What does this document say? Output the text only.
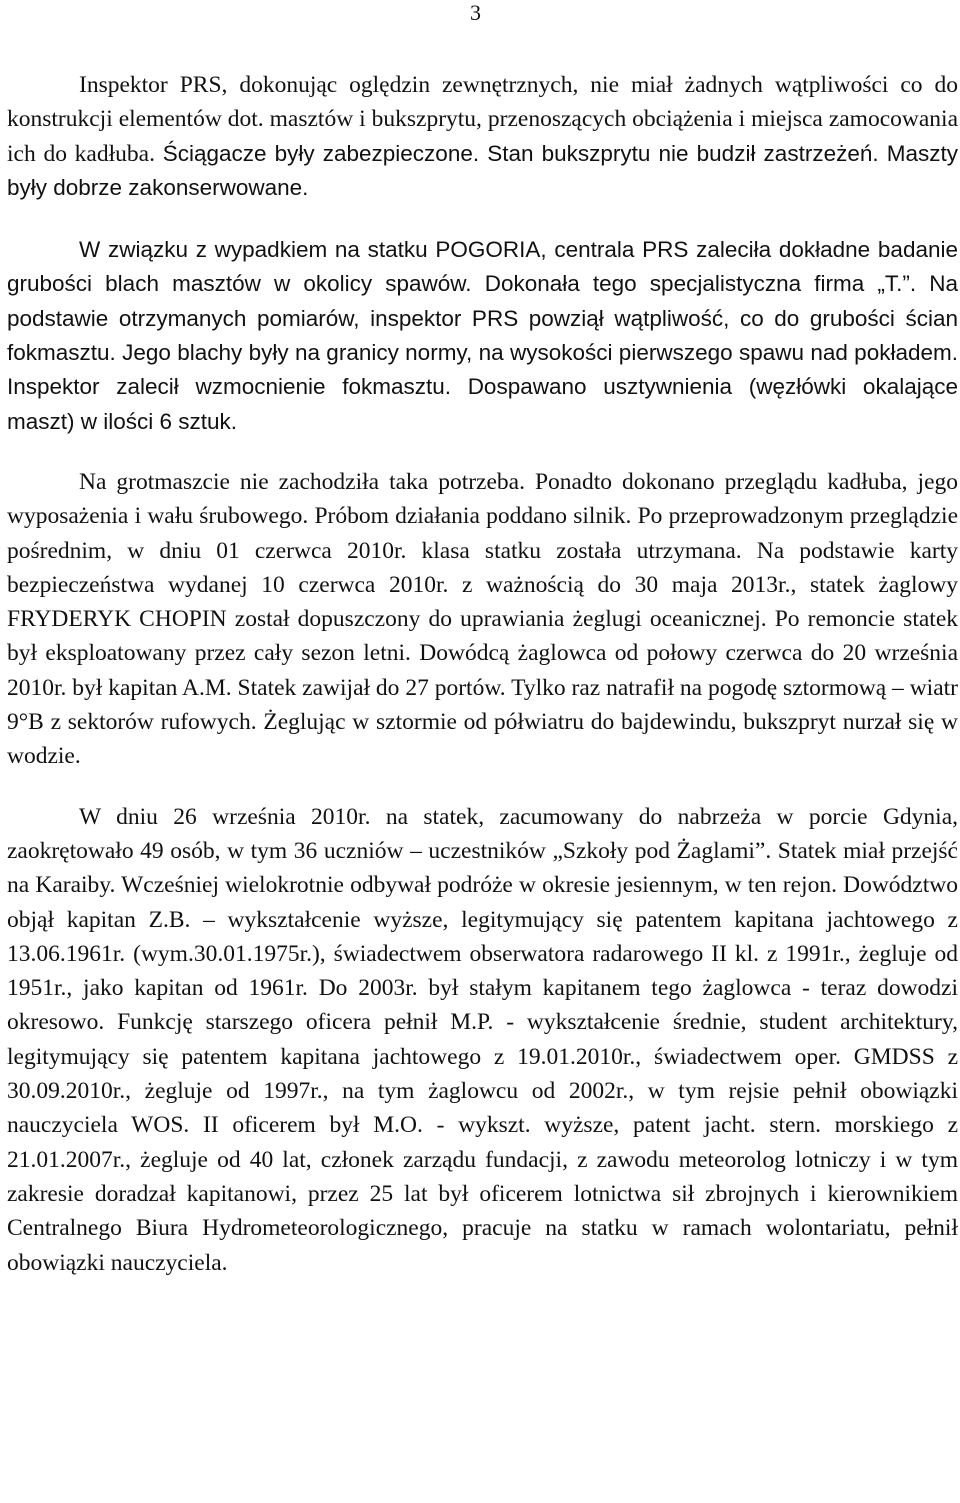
3

Inspektor PRS, dokonując oględzin zewnętrznych, nie miał żadnych wątpliwości co do konstrukcji elementów dot. masztów i bukszprytu, przenoszących obciążenia i miejsca zamocowania ich do kadłuba. Ściągacze były zabezpieczone. Stan bukszprytu nie budził zastrzeżeń. Maszty były dobrze zakonserwowane.

W związku z wypadkiem na statku POGORIA, centrala PRS zaleciła dokładne badanie grubości blach masztów w okolicy spawów. Dokonała tego specjalistyczna firma „T.”. Na podstawie otrzymanych pomiarów, inspektor PRS powziął wątpliwość, co do grubości ścian fokmasztu. Jego blachy były na granicy normy, na wysokości pierwszego spawu nad pokładem. Inspektor zalecił wzmocnienie fokmasztu. Dospawano usztywnienia (węzłówki okalające maszt) w ilości 6 sztuk.

Na grotmaszcie nie zachodziła taka potrzeba. Ponadto dokonano przeglądu kadłuba, jego wyposażenia i wału śrubowego. Próbom działania poddano silnik. Po przeprowadzonym przeglądzie pośrednim, w dniu 01 czerwca 2010r. klasa statku została utrzymana. Na podstawie karty bezpieczeństwa wydanej 10 czerwca 2010r. z ważnością do 30 maja 2013r., statek żaglowy FRYDERYK CHOPIN został dopuszczony do uprawiania żeglugi oceanicznej. Po remoncie statek był eksploatowany przez cały sezon letni. Dowódcą żaglowca od połowy czerwca do 20 września 2010r. był kapitan A.M. Statek zawijał do 27 portów. Tylko raz natrafił na pogodę sztormową – wiatr 9°B z sektorów rufowych. Żeglując w sztormie od półwiatru do bajdewindu, bukszpryt nurzał się w wodzie.

W dniu 26 września 2010r. na statek, zacumowany do nabrzeża w porcie Gdynia, zaokrętowało 49 osób, w tym 36 uczniów – uczestników „Szkoły pod Żaglami”. Statek miał przejść na Karaiby. Wcześniej wielokrotnie odbywał podróże w okresie jesiennym, w ten rejon. Dowództwo objął kapitan Z.B. – wykształcenie wyższe, legitymujący się patentem kapitana jachtowego z 13.06.1961r. (wym.30.01.1975r.), świadectwem obserwatora radarowego II kl. z 1991r., żegluje od 1951r., jako kapitan od 1961r. Do 2003r. był stałym kapitanem tego żaglowca - teraz dowodzi okresowo. Funkcję starszego oficera pełnił M.P. - wykształcenie średnie, student architektury, legitymujący się patentem kapitana jachtowego z 19.01.2010r., świadectwem oper. GMDSS z 30.09.2010r., żegluje od 1997r., na tym żaglowcu od 2002r., w tym rejsie pełnił obowiązki nauczyciela WOS. II oficerem był M.O. - wykszt. wyższe, patent jacht. stern. morskiego z 21.01.2007r., żegluje od 40 lat, członek zarządu fundacji, z zawodu meteorolog lotniczy i w tym zakresie doradzał kapitanowi, przez 25 lat był oficerem lotnictwa sił zbrojnych i kierownikiem Centralnego Biura Hydrometeorologicznego, pracuje na statku w ramach wolontariatu, pełnił obowiązki nauczyciela.
